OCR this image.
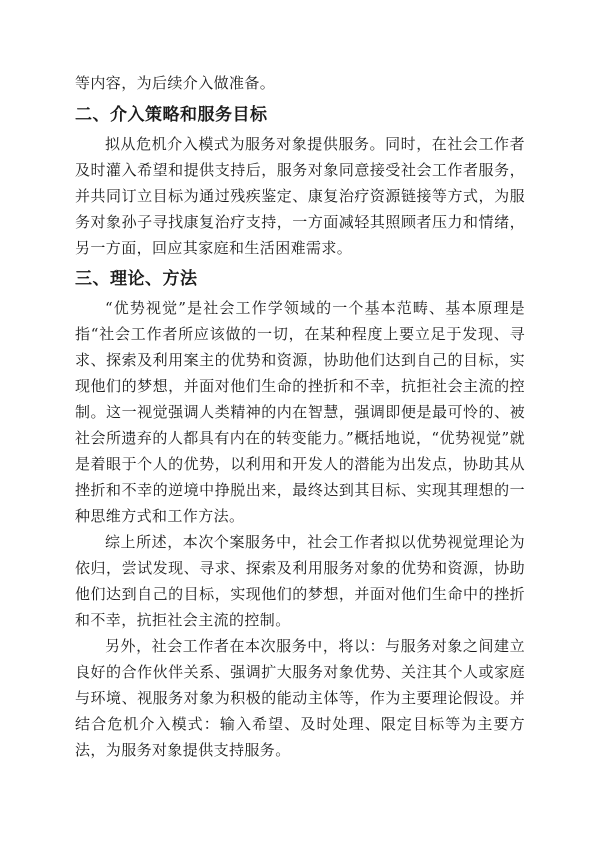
等内容，为后续介入做准备。

二、介入策略和服务目标

拟从危机介入模式为服务对象提供服务。同时，在社会工作者及时灌入希望和提供支持后，服务对象同意接受社会工作者服务，并共同订立目标为通过残疾鉴定、康复治疗资源链接等方式，为服务对象孙子寻找康复治疗支持，一方面减轻其照顾者压力和情绪，另一方面，回应其家庭和生活困难需求。

三、理论、方法

“优势视觉”是社会工作学领域的一个基本范畴、基本原理是指“社会工作者所应该做的一切，在某种程度上要立足于发现、寻求、探索及利用案主的优势和资源，协助他们达到自己的目标，实现他们的梦想，并面对他们生命的挫折和不幸，抗拒社会主流的控制。这一视觉强调人类精神的内在智慧，强调即便是最可怜的、被社会所遗弃的人都具有内在的转变能力。”概括地说，“优势视觉”就是着眼于个人的优势，以利用和开发人的潜能为出发点，协助其从挫折和不幸的逆境中挣脱出来，最终达到其目标、实现其理想的一种思维方式和工作方法。

综上所述，本次个案服务中，社会工作者拟以优势视觉理论为依归，尝试发现、寻求、探索及利用服务对象的优势和资源，协助他们达到自己的目标，实现他们的梦想，并面对他们生命中的挫折和不幸，抗拒社会主流的控制。

另外，社会工作者在本次服务中，将以：与服务对象之间建立良好的合作伙伴关系、强调扩大服务对象优势、关注其个人或家庭与环境、视服务对象为积极的能动主体等，作为主要理论假设。并结合危机介入模式：输入希望、及时处理、限定目标等为主要方法，为服务对象提供支持服务。
